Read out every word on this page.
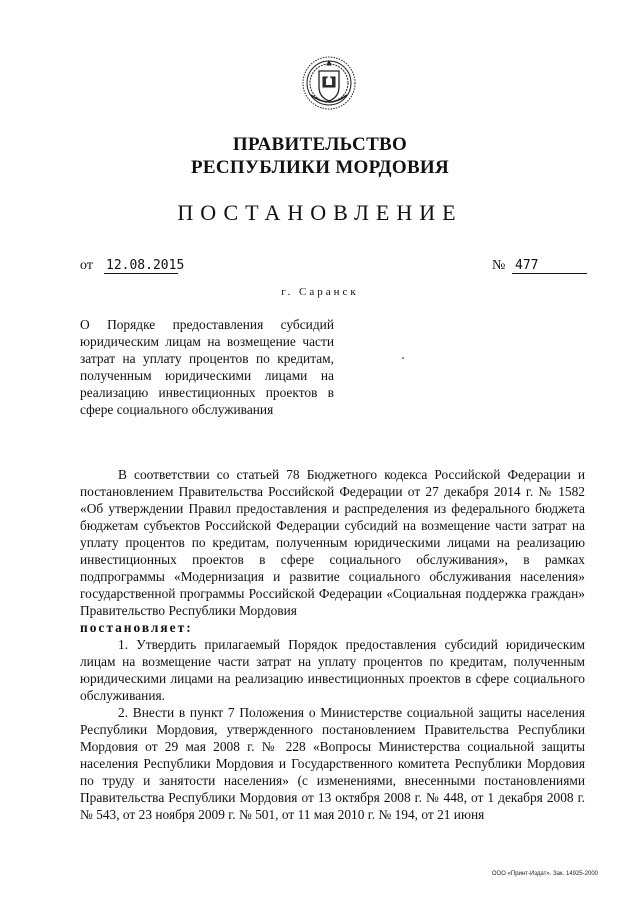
ПРАВИТЕЛЬСТВО
РЕСПУБЛИКИ МОРДОВИЯ
ПОСТАНОВЛЕНИЕ
от 12.08.2015	№ 477
г. Саранск
О Порядке предоставления субсидий юридическим лицам на возмещение части затрат на уплату процентов по кредитам, полученным юридическими лицами на реализацию инвестиционных проектов в сфере социального обслуживания

В соответствии со статьей 78 Бюджетного кодекса Российской Федерации и постановлением Правительства Российской Федерации от 27 декабря 2014 г. № 1582 «Об утверждении Правил предоставления и распределения из федерального бюджета бюджетам субъектов Российской Федерации субсидий на возмещение части затрат на уплату процентов по кредитам, полученным юридическими лицами на реализацию инвестиционных проектов в сфере социального обслуживания», в рамках подпрограммы «Модернизация и развитие социального обслуживания населения» государственной программы Российской Федерации «Социальная поддержка граждан» Правительство Республики Мордовия

постановляет:

1. Утвердить прилагаемый Порядок предоставления субсидий юридическим лицам на возмещение части затрат на уплату процентов по кредитам, полученным юридическими лицами на реализацию инвестиционных проектов в сфере социального обслуживания.

2. Внести в пункт 7 Положения о Министерстве социальной защиты населения Республики Мордовия, утвержденного постановлением Правительства Республики Мордовия от 29 мая 2008 г. № 228 «Вопросы Министерства социальной защиты населения Республики Мордовия и Государственного комитета Республики Мордовия по труду и занятости населения» (с изменениями, внесенными постановлениями Правительства Республики Мордовия от 13 октября 2008 г. № 448, от 1 декабря 2008 г. № 543, от 23 ноября 2009 г. № 501, от 11 мая 2010 г. № 194, от 21 июня

ООО «Принт-Издат». Зак. 14925-2000
